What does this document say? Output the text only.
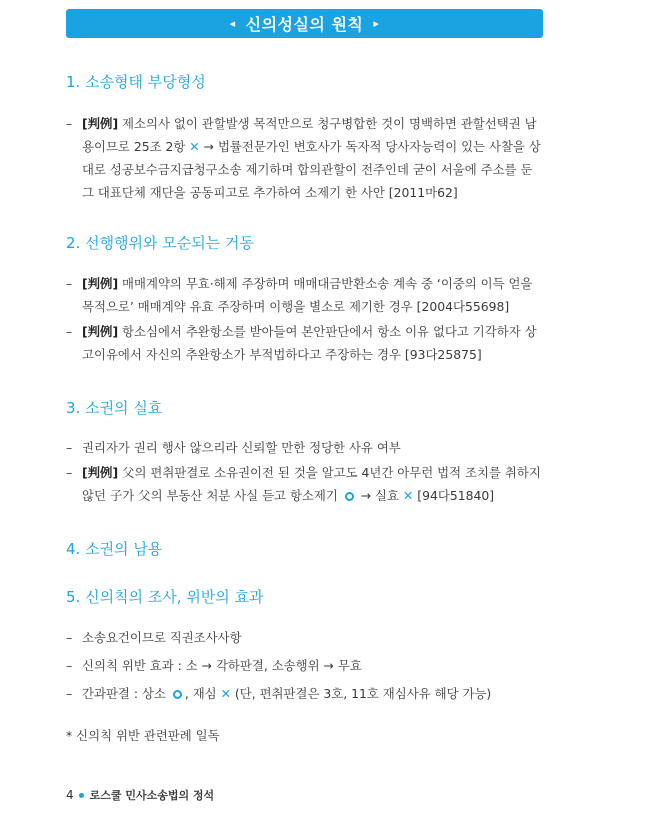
◂ 신의성실의 원칙 ▸
1. 소송형태 부당형성
– [判例] 제소의사 없이 관할발생 목적만으로 청구병합한 것이 명백하면 관할선택권 남용이므로 25조 2항 ✕ → 법률전문가인 변호사가 독자적 당사자능력이 있는 사찰을 상대로 성공보수금지급청구소송 제기하며 합의관할이 전주인데 굳이 서울에 주소를 둔 그 대표단체 재단을 공동피고로 추가하여 소제기 한 사안 [2011마62]
2. 선행행위와 모순되는 거동
– [判例] 매매계약의 무효·해제 주장하며 매매대금반환소송 계속 중 ‘이중의 이득 얻을 목적으로’ 매매계약 유효 주장하며 이행을 별소로 제기한 경우 [2004다55698]
– [判例] 항소심에서 추완항소를 받아들여 본안판단에서 항소 이유 없다고 기각하자 상고이유에서 자신의 추완항소가 부적법하다고 주장하는 경우 [93다25875]
3. 소권의 실효
– 권리자가 권리 행사 않으리라 신뢰할 만한 정당한 사유 여부
– [判例] 父의 편취판결로 소유권이전 된 것을 알고도 4년간 아무런 법적 조치를 취하지 않던 子가 父의 부동산 처분 사실 듣고 항소제기 ○ → 실효 ✕ [94다51840]
4. 소권의 남용
5. 신의칙의 조사, 위반의 효과
– 소송요건이므로 직권조사사항
– 신의칙 위반 효과 : 소 → 각하판결, 소송행위 → 무효
– 간과판결 : 상소 ○ , 재심 ✕ (단, 편취판결은 3호, 11호 재심사유 해당 가능)
* 신의칙 위반 관련판례 일독
4 로스쿨 민사소송법의 정석
